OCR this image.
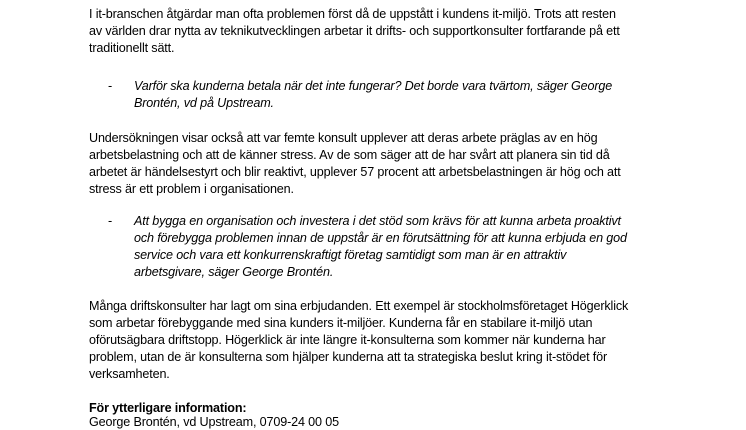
I it-branschen åtgärdar man ofta problemen först då de uppstått i kundens it-miljö. Trots att resten
av världen drar nytta av teknikutvecklingen arbetar it drifts- och supportkonsulter fortfarande på ett
traditionellt sätt.
- Varför ska kunderna betala när det inte fungerar? Det borde vara tvärtom, säger George
Brontén, vd på Upstream.
Undersökningen visar också att var femte konsult upplever att deras arbete präglas av en hög
arbetsbelastning och att de känner stress. Av de som säger att de har svårt att planera sin tid då
arbetet är händelsestyrt och blir reaktivt, upplever 57 procent att arbetsbelastningen är hög och att
stress är ett problem i organisationen.
- Att bygga en organisation och investera i det stöd som krävs för att kunna arbeta proaktivt
och förebygga problemen innan de uppstår är en förutsättning för att kunna erbjuda en god
service och vara ett konkurrenskraftigt företag samtidigt som man är en attraktiv
arbetsgivare, säger George Brontén.
Många driftskonsulter har lagt om sina erbjudanden. Ett exempel är stockholmsföretaget Högerklick
som arbetar förebyggande med sina kunders it-miljöer. Kunderna får en stabilare it-miljö utan
oförutsägbara driftstopp. Högerklick är inte längre it-konsulterna som kommer när kunderna har
problem, utan de är konsulterna som hjälper kunderna att ta strategiska beslut kring it-stödet för
verksamheten.
För ytterligare information:
George Brontén, vd Upstream, 0709-24 00 05
